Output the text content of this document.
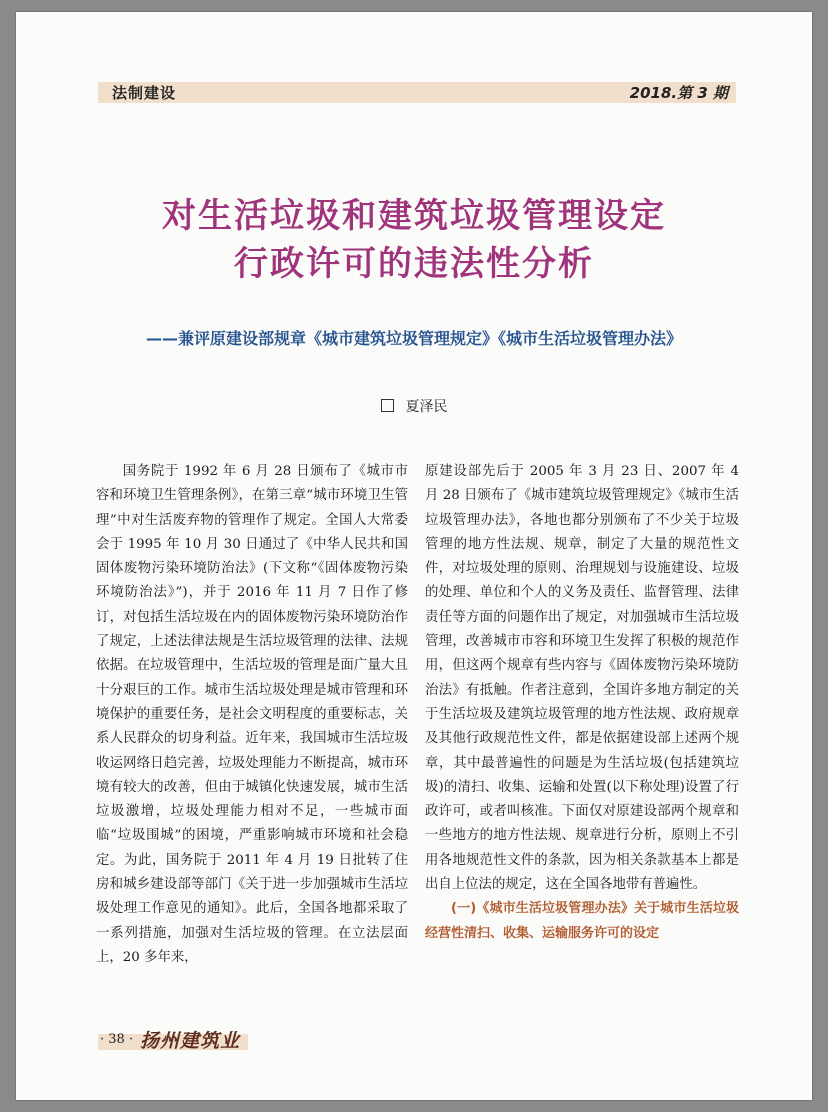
法制建设	2018.第 3 期
对生活垃圾和建筑垃圾管理设定
行政许可的违法性分析
——兼评原建设部规章《城市建筑垃圾管理规定》《城市生活垃圾管理办法》
夏泽民

国务院于 1992 年 6 月 28 日颁布了《城市市容和环境卫生管理条例》，在第三章“城市环境卫生管理”中对生活废弃物的管理作了规定。全国人大常委会于 1995 年 10 月 30 日通过了《中华人民共和国固体废物污染环境防治法》(下文称“《固体废物污染环境防治法》”)，并于 2016 年 11 月 7 日作了修订，对包括生活垃圾在内的固体废物污染环境防治作了规定，上述法律法规是生活垃圾管理的法律、法规依据。在垃圾管理中，生活垃圾的管理是面广量大且十分艰巨的工作。城市生活垃圾处理是城市管理和环境保护的重要任务，是社会文明程度的重要标志，关系人民群众的切身利益。近年来，我国城市生活垃圾收运网络日趋完善，垃圾处理能力不断提高，城市环境有较大的改善，但由于城镇化快速发展，城市生活垃圾激增，垃圾处理能力相对不足，一些城市面临“垃圾围城”的困境，严重影响城市环境和社会稳定。为此，国务院于 2011 年 4 月 19 日批转了住房和城乡建设部等部门《关于进一步加强城市生活垃圾处理工作意见的通知》。此后，全国各地都采取了一系列措施，加强对生活垃圾的管理。在立法层面上，20 多年来，

原建设部先后于 2005 年 3 月 23 日、2007 年 4 月 28 日颁布了《城市建筑垃圾管理规定》《城市生活垃圾管理办法》，各地也都分别颁布了不少关于垃圾管理的地方性法规、规章，制定了大量的规范性文件，对垃圾处理的原则、治理规划与设施建设、垃圾的处理、单位和个人的义务及责任、监督管理、法律责任等方面的问题作出了规定，对加强城市生活垃圾管理，改善城市市容和环境卫生发挥了积极的规范作用，但这两个规章有些内容与《固体废物污染环境防治法》有抵触。作者注意到，全国许多地方制定的关于生活垃圾及建筑垃圾管理的地方性法规、政府规章及其他行政规范性文件，都是依据建设部上述两个规章，其中最普遍性的问题是为生活垃圾(包括建筑垃圾)的清扫、收集、运输和处置(以下称处理)设置了行政许可，或者叫核准。下面仅对原建设部两个规章和一些地方的地方性法规、规章进行分析，原则上不引用各地规范性文件的条款，因为相关条款基本上都是出自上位法的规定，这在全国各地带有普遍性。

(一)《城市生活垃圾管理办法》关于城市生活垃圾经营性清扫、收集、运输服务许可的设定

· 38 · 扬州建筑业
